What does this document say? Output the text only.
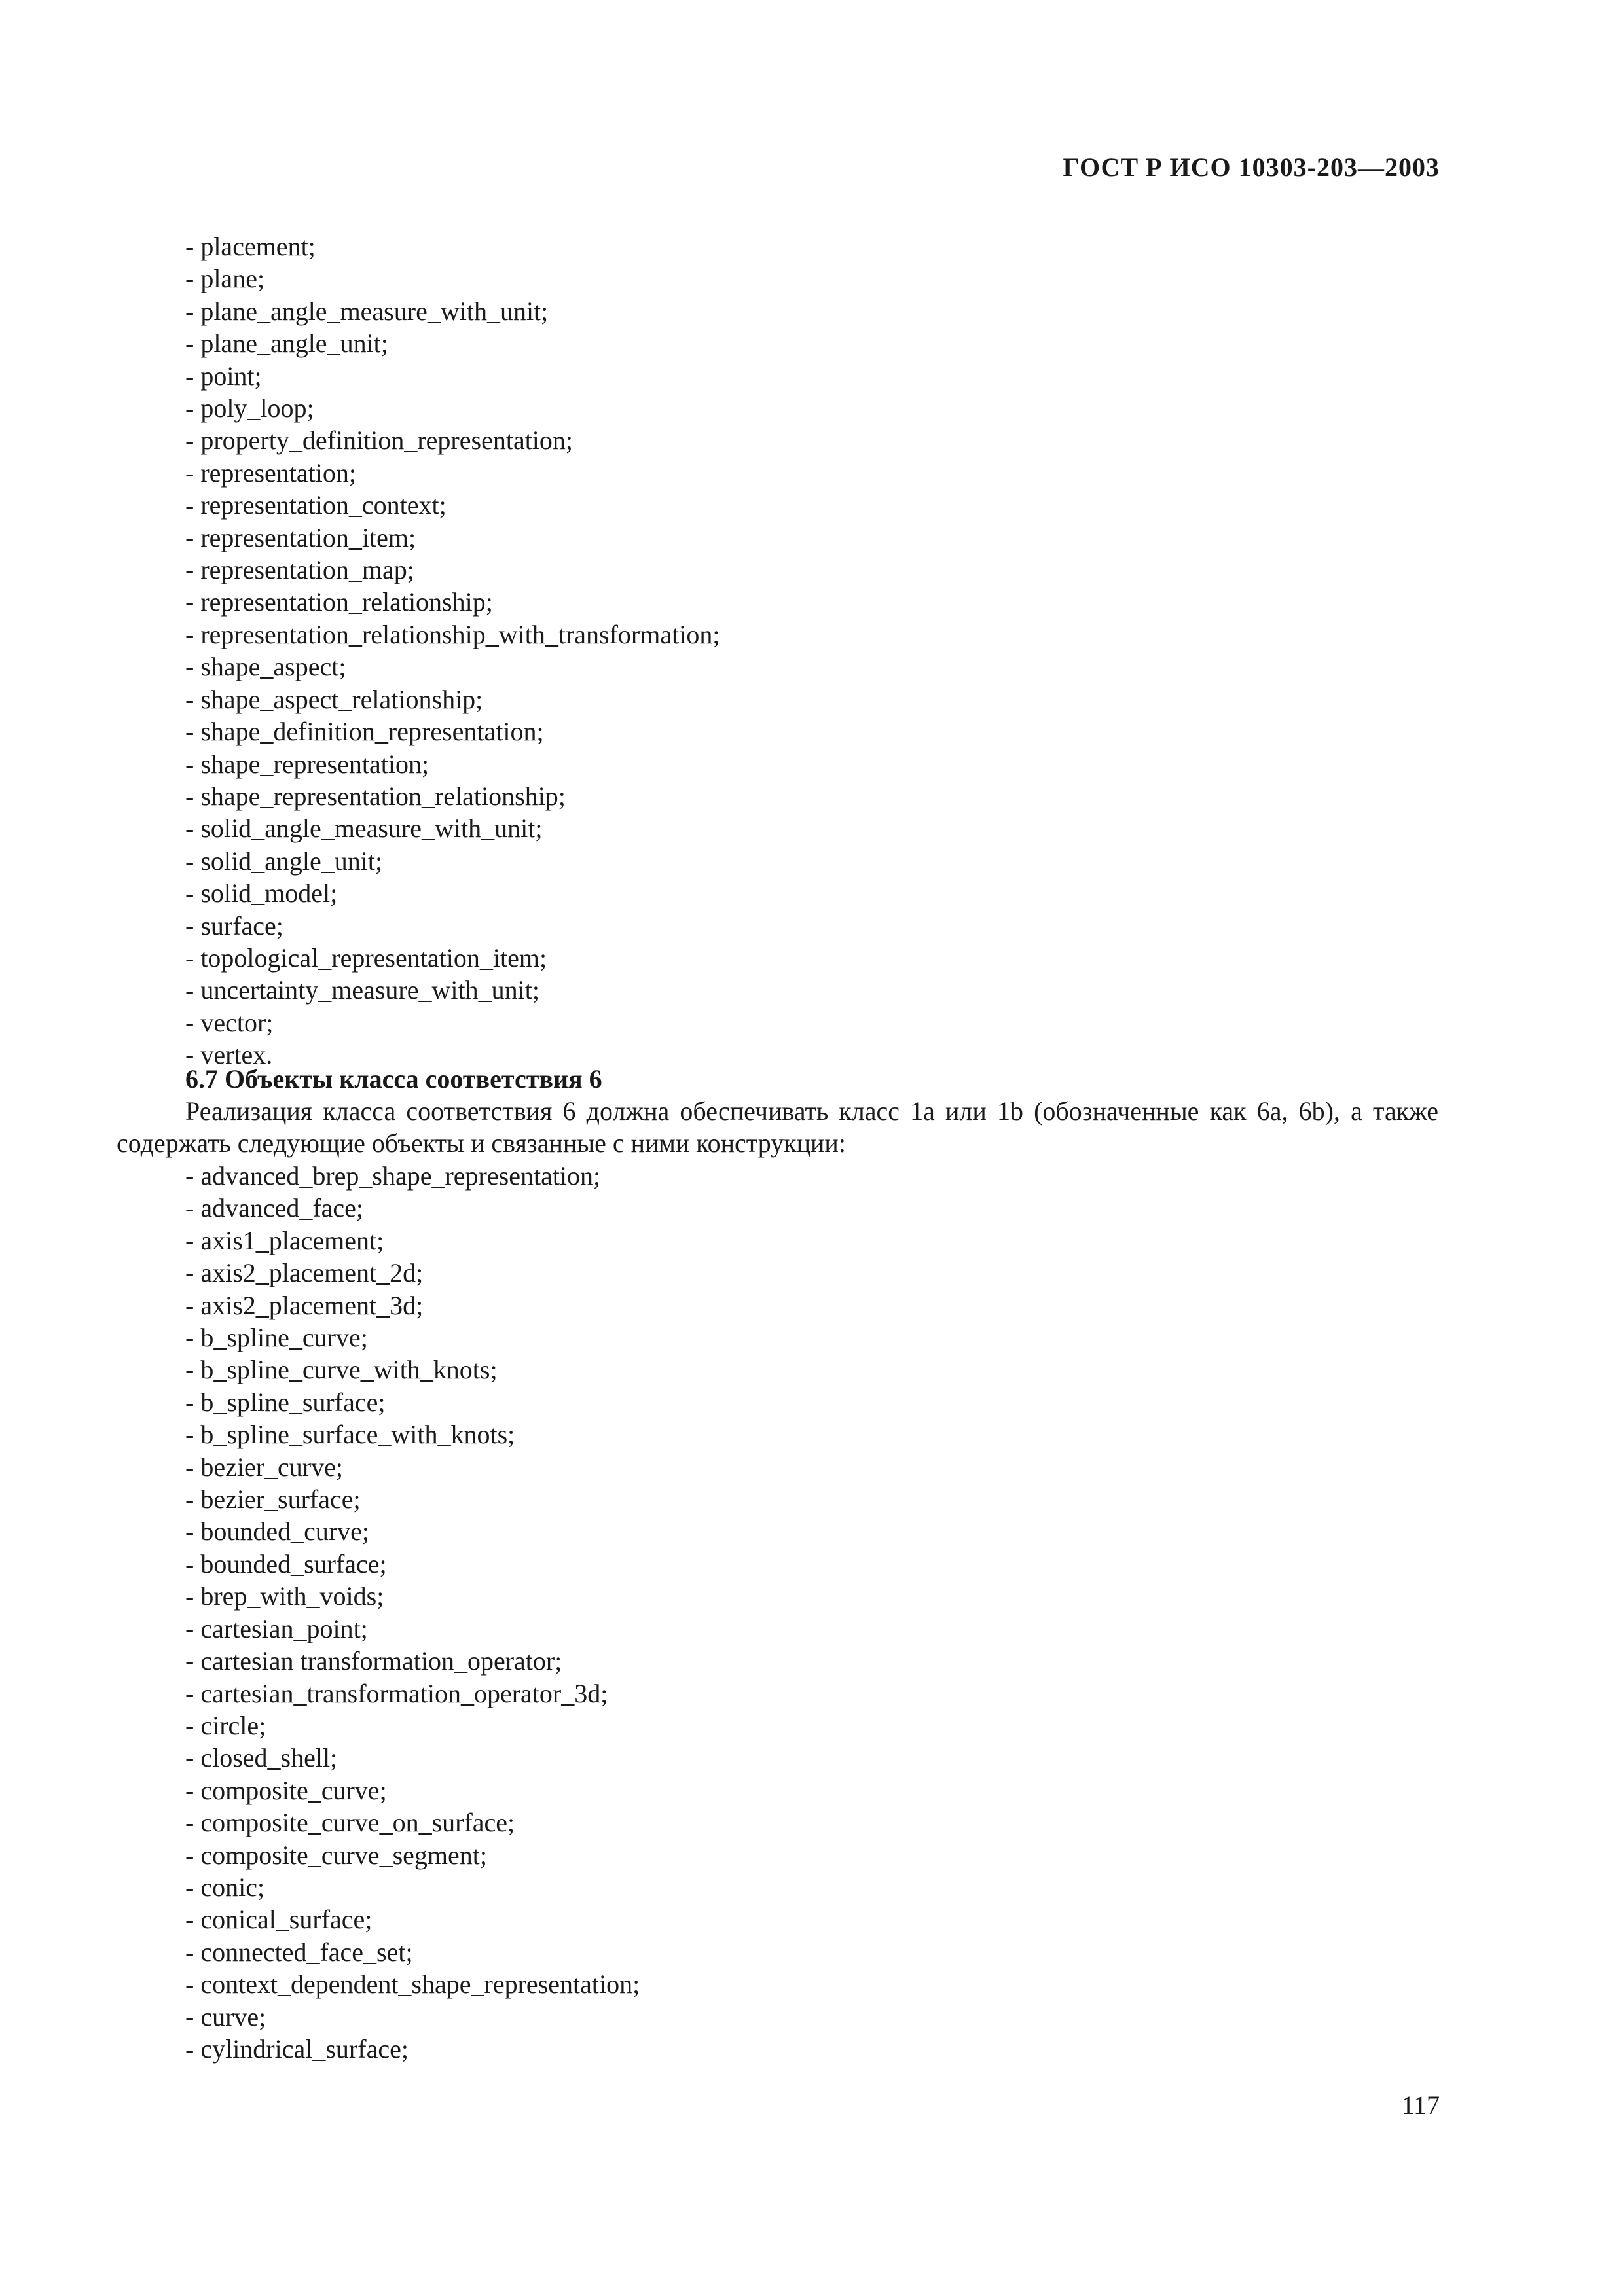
ГОСТ Р ИСО 10303-203—2003
- placement;
- plane;
- plane_angle_measure_with_unit;
- plane_angle_unit;
- point;
- poly_loop;
- property_definition_representation;
- representation;
- representation_context;
- representation_item;
- representation_map;
- representation_relationship;
- representation_relationship_with_transformation;
- shape_aspect;
- shape_aspect_relationship;
- shape_definition_representation;
- shape_representation;
- shape_representation_relationship;
- solid_angle_measure_with_unit;
- solid_angle_unit;
- solid_model;
- surface;
- topological_representation_item;
- uncertainty_measure_with_unit;
- vector;
- vertex.
6.7 Объекты класса соответствия 6
Реализация класса соответствия 6 должна обеспечивать класс 1a или 1b (обозначенные как 6a, 6b), а также содержать следующие объекты и связанные с ними конструкции:
- advanced_brep_shape_representation;
- advanced_face;
- axis1_placement;
- axis2_placement_2d;
- axis2_placement_3d;
- b_spline_curve;
- b_spline_curve_with_knots;
- b_spline_surface;
- b_spline_surface_with_knots;
- bezier_curve;
- bezier_surface;
- bounded_curve;
- bounded_surface;
- brep_with_voids;
- cartesian_point;
- cartesian transformation_operator;
- cartesian_transformation_operator_3d;
- circle;
- closed_shell;
- composite_curve;
- composite_curve_on_surface;
- composite_curve_segment;
- conic;
- conical_surface;
- connected_face_set;
- context_dependent_shape_representation;
- curve;
- cylindrical_surface;
117
